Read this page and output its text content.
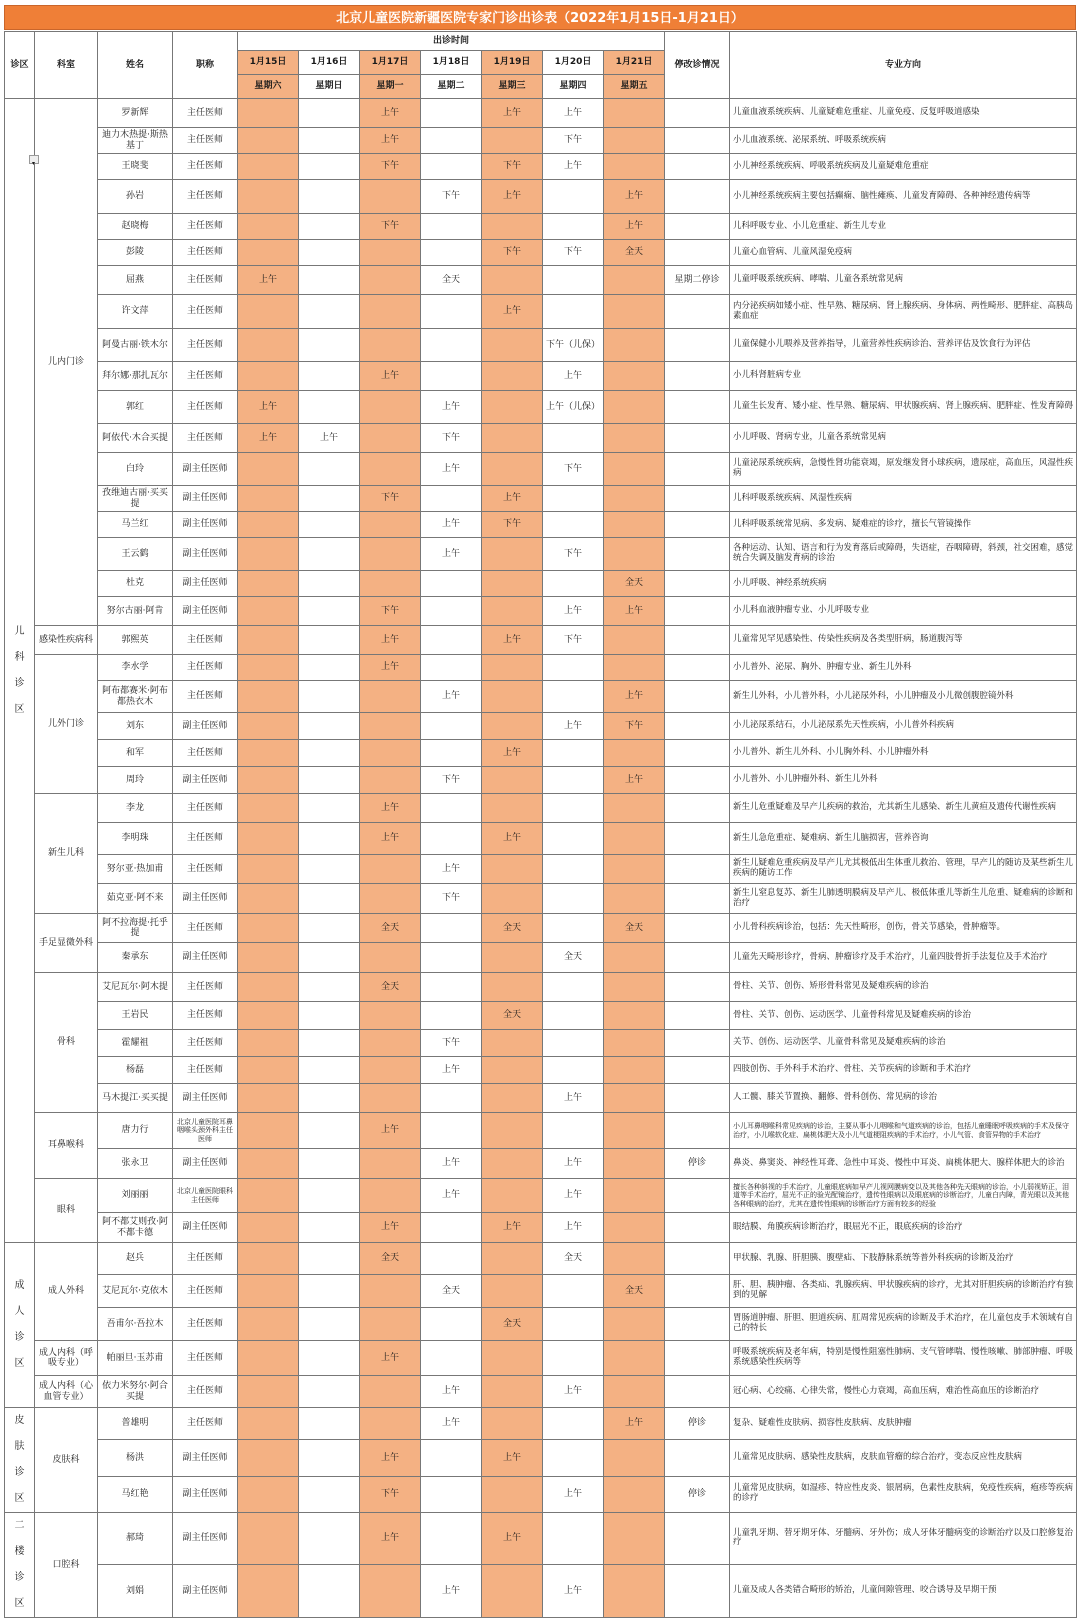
北京儿童医院新疆医院专家门诊出诊表（2022年1月15日-1月21日）
诊区	科室	姓名	职称	出诊时间							停改诊情况	专业方向
				1月15日	1月16日	1月17日	1月18日	1月19日	1月20日	1月21日		
				星期六	星期日	星期一	星期二	星期三	星期四	星期五		

儿
科
诊
区
▾	儿内门诊	罗新辉	主任医师			上午		上午	上午			儿童血液系统疾病、儿童疑难危重症、儿童免疫、反复呼吸道感染
		迪力木热提·斯热基丁	主任医师			上午			下午			小儿血液系统、泌尿系统、呼吸系统疾病
		王晓斐	主任医师			下午		下午	上午			小儿神经系统疾病、呼吸系统疾病及儿童疑难危重症
		孙岩	主任医师				下午	上午		上午		小儿神经系统疾病主要包括癫痫、脑性瘫痪、儿童发育障碍、各种神经遗传病等
		赵晓梅	主任医师			下午				上午		儿科呼吸专业、小儿危重症、新生儿专业
		彭陵	主任医师					下午	下午	全天		儿童心血管病、儿童风湿免疫病
		屈燕	主任医师	上午			全天				星期二停诊	儿童呼吸系统疾病、哮喘、儿童各系统常见病
		许文萍	主任医师					上午				内分泌疾病如矮小症、性早熟、糖尿病、肾上腺疾病、身体病、两性畸形、肥胖症、高胰岛素血症
		阿曼古丽·铁木尔	主任医师						下午（儿保）			儿童保健小儿喂养及营养指导，儿童营养性疾病诊治、营养评估及饮食行为评估
		拜尔娜·那扎瓦尔	主任医师			上午			上午			小儿科肾脏病专业
		郭红	主任医师	上午			上午		上午（儿保）			儿童生长发育、矮小症、性早熟、糖尿病、甲状腺疾病、肾上腺疾病、肥胖症、性发育障碍
		阿依代·木合买提	主任医师	上午	上午		下午					小儿呼吸、肾病专业，儿童各系统常见病
		白玲	副主任医师				上午		下午			儿童泌尿系统疾病，急慢性肾功能衰竭，原发继发肾小球疾病，遗尿症，高血压，风湿性疾病
		孜维迪古丽·买买提	副主任医师			下午		上午				儿科呼吸系统疾病、风湿性疾病
		马兰红	副主任医师				上午	下午				儿科呼吸系统常见病、多发病、疑难症的诊疗，擅长气管镜操作
		王云鹤	副主任医师				上午		下午			各种运动、认知、语言和行为发育落后或障碍，失语症，吞咽障碍，斜颈，社交困难，感觉统合失调及脑发育病的诊治
		杜克	副主任医师							全天		小儿呼吸、神经系统疾病
		努尔古丽·阿肯	副主任医师			下午			上午	上午		小儿科血液肿瘤专业、小儿呼吸专业
	感染性疾病科	郭熙英	主任医师			上午		上午	下午			儿童常见罕见感染性、传染性疾病及各类型肝病，肠道腹泻等
	儿外门诊	李水学	主任医师			上午						小儿普外、泌尿、胸外、肿瘤专业、新生儿外科
		阿布都赛米·阿布都热衣木	主任医师				上午			上午		新生儿外科，小儿普外科，小儿泌尿外科，小儿肿瘤及小儿微创腹腔镜外科
		刘东	副主任医师						上午	下午		小儿泌尿系结石，小儿泌尿系先天性疾病，小儿普外科疾病
		和军	主任医师					上午				小儿普外、新生儿外科、小儿胸外科、小儿肿瘤外科
		周玲	副主任医师				下午			上午		小儿普外、小儿肿瘤外科、新生儿外科
	新生儿科	李龙	主任医师			上午						新生儿危重疑难及早产儿疾病的救治，尤其新生儿感染、新生儿黄疸及遗传代谢性疾病
		李明珠	主任医师			上午		上午				新生儿急危重症、疑难病、新生儿脑损害，营养咨询
		努尔亚·热加甫	主任医师				上午					新生儿疑难危重疾病及早产儿尤其极低出生体重儿救治、管理，早产儿的随访及某些新生儿疾病的随访工作
		茹克亚·阿不来	副主任医师				下午					新生儿窒息复苏、新生儿肺透明膜病及早产儿、极低体重儿等新生儿危重、疑难病的诊断和治疗
	手足显微外科	阿不拉海提·托乎提	主任医师			全天		全天		全天		小儿骨科疾病诊治，包括：先天性畸形，创伤，骨关节感染，骨肿瘤等。
		秦承东	副主任医师						全天			儿童先天畸形诊疗，骨病、肿瘤诊疗及手术治疗，儿童四肢骨折手法复位及手术治疗
	骨科	艾尼瓦尔·阿木提	主任医师			全天						骨柱、关节、创伤、矫形骨科常见及疑难疾病的诊治
		王岩民	主任医师					全天				骨柱、关节、创伤、运动医学、儿童骨科常见及疑难疾病的诊治
		霍耀祖	主任医师				下午					关节、创伤、运动医学、儿童骨科常见及疑难疾病的诊治
		杨磊	主任医师				上午					四肢创伤、手外科手术治疗、骨柱、关节疾病的诊断和手术治疗
		马木提江·买买提	副主任医师						上午			人工髋、膝关节置换、翻修、骨科创伤、常见病的诊治
	耳鼻喉科	唐力行	北京儿童医院耳鼻咽喉头颈外科主任医师			上午						小儿耳鼻咽喉科常见疾病的诊治，主要从事小儿咽喉和气道疾病的诊治，包括儿童睡眠呼吸疾病的手术及保守治疗，小儿喉软化症、扁桃体肥大及小儿气道梗阻疾病的手术治疗，小儿气管、食管异物的手术治疗
		张永卫	副主任医师				上午		上午		停诊	鼻炎、鼻窦炎、神经性耳聋、急性中耳炎、慢性中耳炎、扁桃体肥大、腺样体肥大的诊治
	眼科	刘丽丽	北京儿童医院眼科主任医师				上午		上午			擅长各种斜视的手术治疗，儿童眼底病如早产儿视网膜病变以及其他各种先天眼病的诊治，小儿弱视矫正，泪道等手术治疗，屈光不正的验光配镜治疗，遗传性眼病以及眼底病的诊断治疗，儿童白内障，青光眼以及其他各种眼病的治疗，尤其在遗传性眼病的诊断治疗方面有较多的经验
		阿不都艾则孜·阿不都卡德	副主任医师			上午		上午	上午			眼结膜、角膜疾病诊断治疗，眼屈光不正，眼底疾病的诊治疗

成
人
诊
区	成人外科	赵兵	主任医师			全天			全天			甲状腺、乳腺、肝胆胰、腹壁疝、下肢静脉系统等普外科疾病的诊断及治疗
		艾尼瓦尔·克依木	主任医师				全天			全天		肝、胆、胰肿瘤、各类疝、乳腺疾病、甲状腺疾病的诊疗，尤其对肝胆疾病的诊断治疗有独到的见解
		吾甫尔·吾拉木	主任医师					全天				胃肠道肿瘤、肝胆、胆道疾病、肛周常见疾病的诊断及手术治疗，在儿童包皮手术领域有自己的特长
	成人内科（呼吸专业）	帕丽旦·玉苏甫	主任医师			上午						呼吸系统疾病及老年病，特别是慢性阻塞性肺病、支气管哮喘、慢性咳嗽、肺部肿瘤、呼吸系统感染性疾病等
	成人内科（心血管专业）	依力米努尔·阿合买提	主任医师				上午		上午			冠心病、心绞痛、心律失常，慢性心力衰竭，高血压病，难治性高血压的诊断治疗

皮
肤
诊
区	皮肤科	普雄明	主任医师				上午			上午	停诊	复杂、疑难性皮肤病、损容性皮肤病、皮肤肿瘤
		杨洪	副主任医师			上午		上午				儿童常见皮肤病、感染性皮肤病，皮肤血管瘤的综合治疗，变态反应性皮肤病
		马红艳	副主任医师			下午			上午		停诊	儿童常见皮肤病，如湿疹、特应性皮炎、银屑病，色素性皮肤病，免疫性疾病，疱疹等疾病的诊疗

二
楼
诊
区	口腔科	郝琦	副主任医师			上午		上午				儿童乳牙期、替牙期牙体、牙髓病、牙外伤；成人牙体牙髓病变的诊断治疗以及口腔修复治疗
		刘娟	副主任医师				上午		上午			儿童及成人各类错合畸形的矫治，儿童间隙管理、咬合诱导及早期干预
